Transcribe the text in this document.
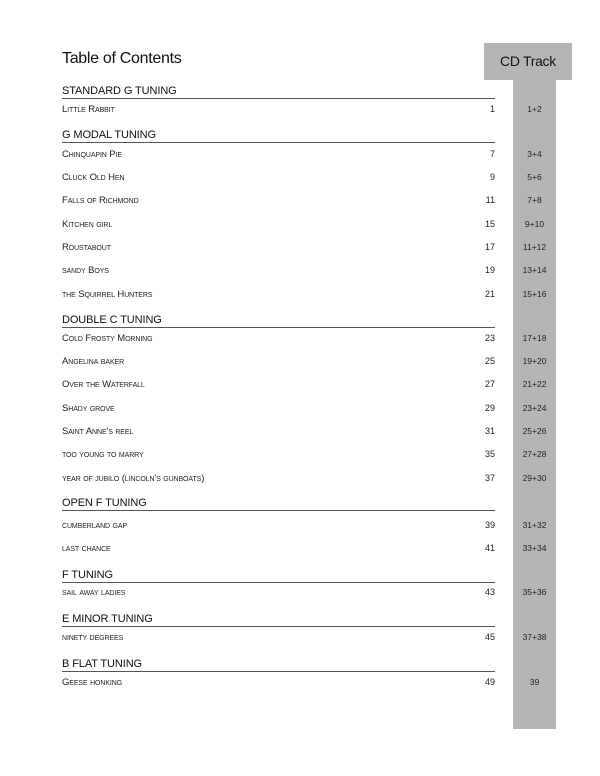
Table of Contents	CD Track
STANDARD G TUNING
Little Rabbit	1	1+2
G MODAL TUNING
Chinquapin Pie	7	3+4
Cluck Old Hen	9	5+6
Falls of Richmond	11	7+8
Kitchen girl	15	9+10
Roustabout	17	11+12
sandy Boys	19	13+14
the Squirrel Hunters	21	15+16
DOUBLE C TUNING
Cold Frosty Morning	23	17+18
Angelina baker	25	19+20
Over the Waterfall	27	21+22
Shady grove	29	23+24
Saint Anne's reel	31	25+26
too young to marry	35	27+28
year of jubilo (lincoln's gunboats)	37	29+30
OPEN F TUNING
cumberland gap	39	31+32
last chance	41	33+34
F TUNING
sail away ladies	43	35+36
E MINOR TUNING
ninety degrees	45	37+38
B FLAT TUNING
Geese honking	49	39
